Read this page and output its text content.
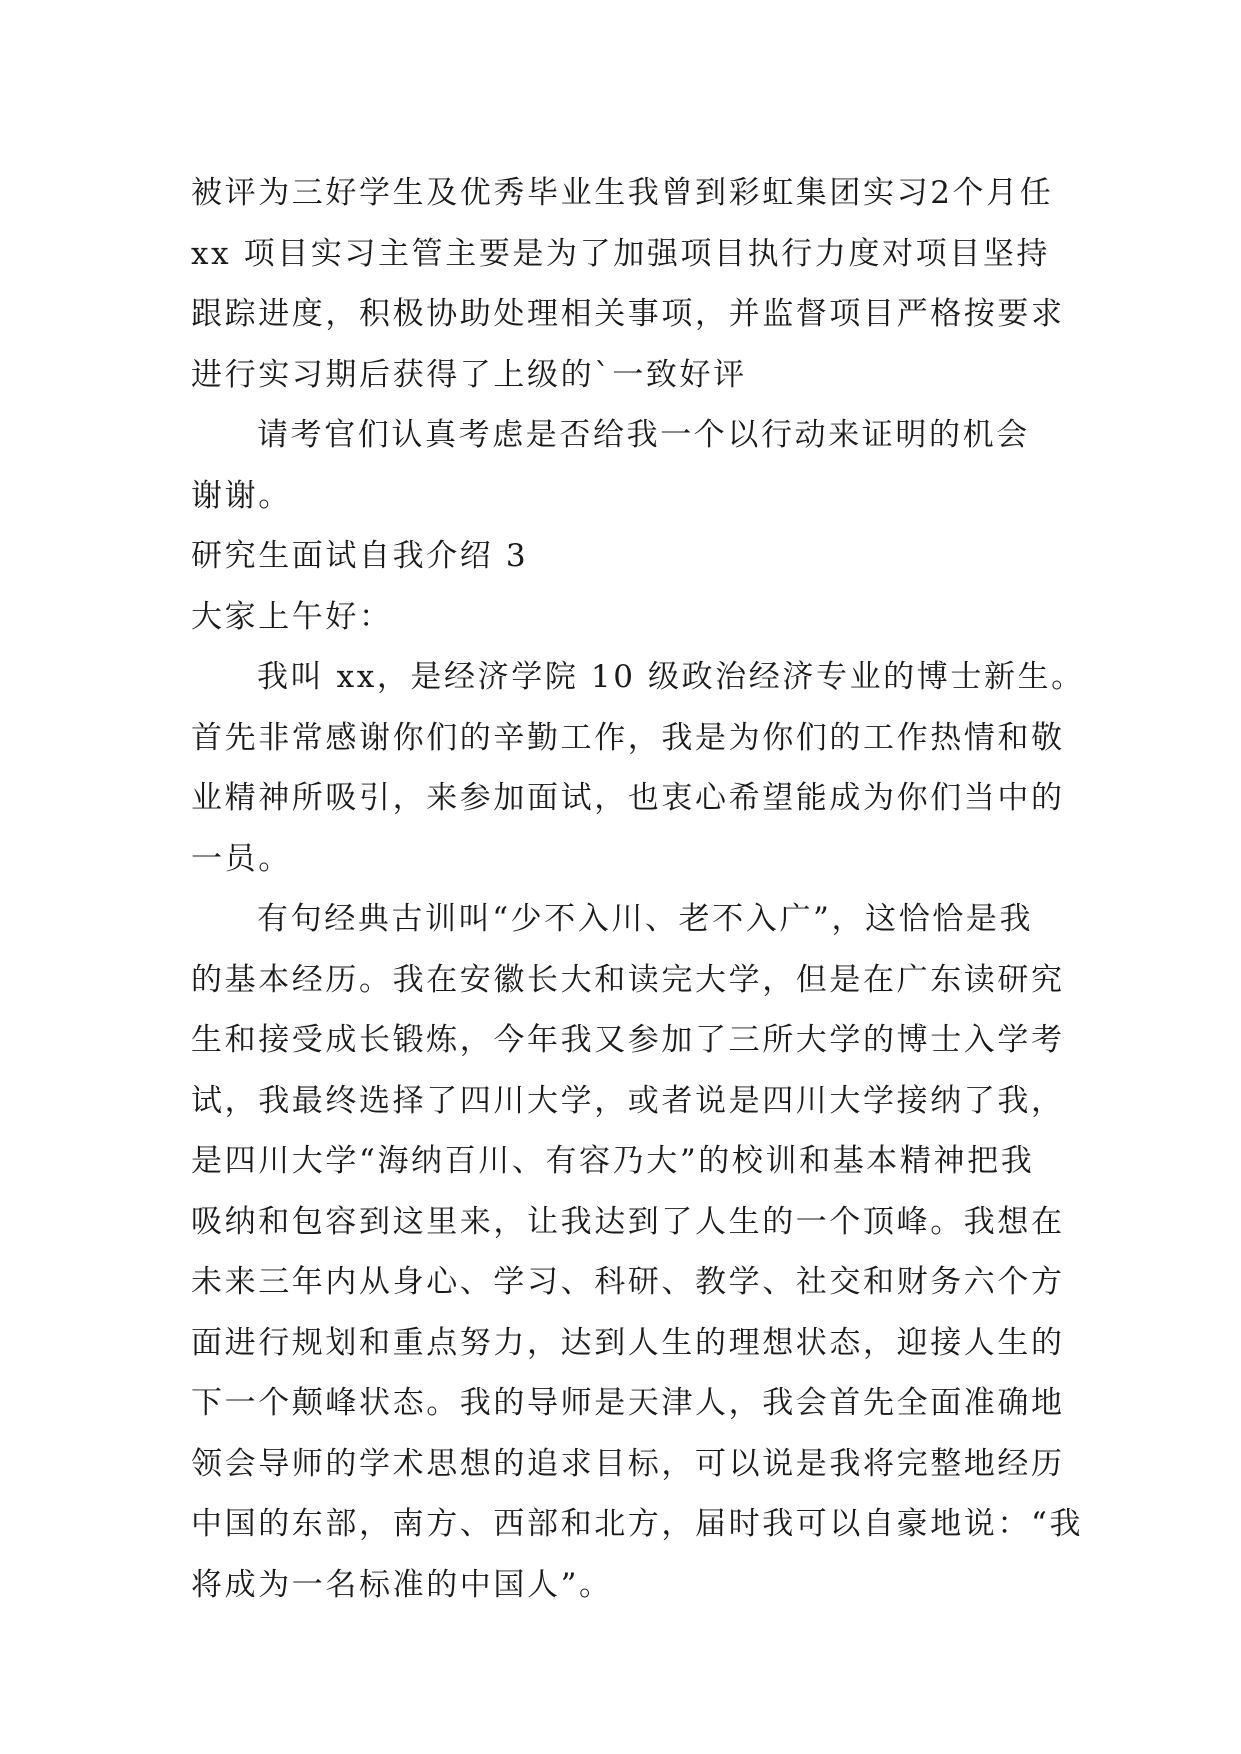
被评为三好学生及优秀毕业生我曾到彩虹集团实习2个月任
xx 项目实习主管主要是为了加强项目执行力度对项目坚持
跟踪进度，积极协助处理相关事项，并监督项目严格按要求
进行实习期后获得了上级的`一致好评
请考官们认真考虑是否给我一个以行动来证明的机会
谢谢。
研究生面试自我介绍 3
大家上午好：
我叫 xx，是经济学院 10 级政治经济专业的博士新生。
首先非常感谢你们的辛勤工作，我是为你们的工作热情和敬
业精神所吸引，来参加面试，也衷心希望能成为你们当中的
一员。
有句经典古训叫“少不入川、老不入广”，这恰恰是我
的基本经历。我在安徽长大和读完大学，但是在广东读研究
生和接受成长锻炼，今年我又参加了三所大学的博士入学考
试，我最终选择了四川大学，或者说是四川大学接纳了我，
是四川大学“海纳百川、有容乃大”的校训和基本精神把我
吸纳和包容到这里来，让我达到了人生的一个顶峰。我想在
未来三年内从身心、学习、科研、教学、社交和财务六个方
面进行规划和重点努力，达到人生的理想状态，迎接人生的
下一个颠峰状态。我的导师是天津人，我会首先全面准确地
领会导师的学术思想的追求目标，可以说是我将完整地经历
中国的东部，南方、西部和北方，届时我可以自豪地说：“我
将成为一名标准的中国人”。
